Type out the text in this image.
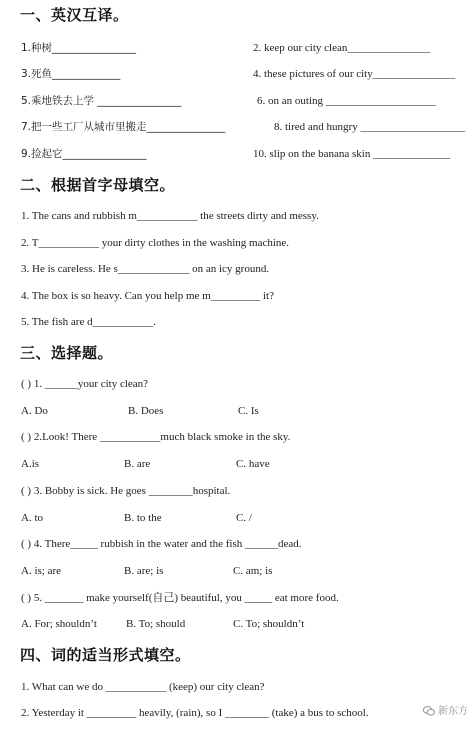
一、英汉互译。
1.种树________________	2. keep our city clean_______________
3.死鱼_____________	4. these pictures of our city_______________
5.乘地铁去上学 ________________	6. on an outing ____________________
7.把一些工厂从城市里搬走_______________	8. tired and hungry ___________________
9.捡起它________________	10. slip on the banana skin ______________
二、根据首字母填空。
1. The cans and rubbish m___________ the streets dirty and messy.
2. T___________ your dirty clothes in the washing machine.
3. He is careless. He s_____________ on an icy ground.
4. The box is so heavy. Can you help me m_________ it?
5. The fish are d___________.
三、选择题。
( ) 1. ______your city clean?
A. Do	B. Does	C. Is
( ) 2.Look! There ___________much black smoke in the sky.
A.is	B. are	C. have
( ) 3. Bobby is sick. He goes ________hospital.
A. to	B. to the	C. /
( ) 4. There_____ rubbish in the water and the fish ______dead.
A. is; are	B. are; is	C. am; is
( ) 5. _______ make yourself(自己) beautiful, you _____ eat more food.
A. For; shouldn’t	B. To; should	C. To; shouldn’t
四、词的适当形式填空。
1. What can we do ___________ (keep) our city clean?
2. Yesterday it _________ heavily, (rain), so I ________ (take) a bus to school.	新东方
